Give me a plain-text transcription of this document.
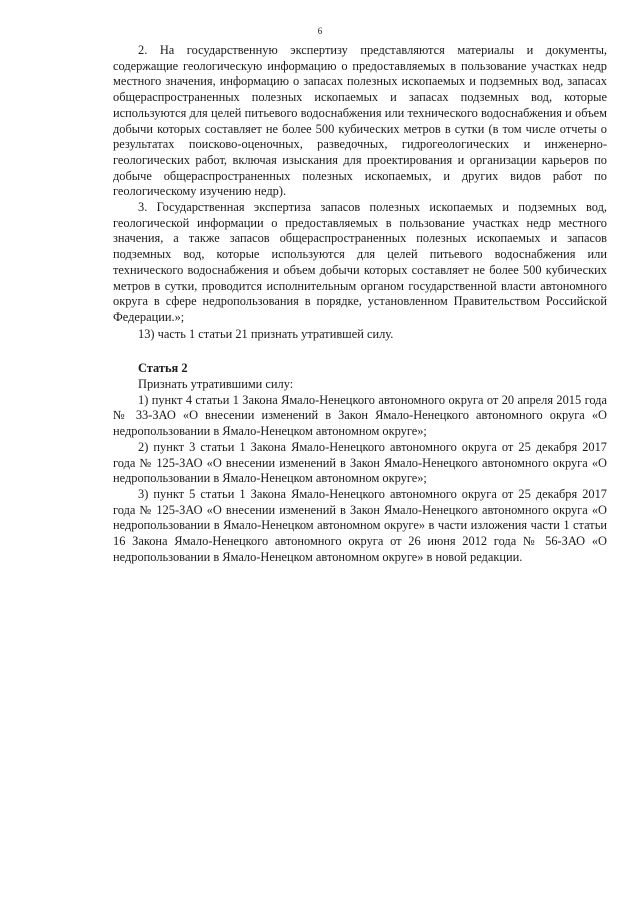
6

2. На государственную экспертизу представляются материалы и документы, содержащие геологическую информацию о предоставляемых в пользование участках недр местного значения, информацию о запасах полезных ископаемых и подземных вод, запасах общераспространенных полезных ископаемых и запасах подземных вод, которые используются для целей питьевого водоснабжения или технического водоснабжения и объем добычи которых составляет не более 500 кубических метров в сутки (в том числе отчеты о результатах поисково-оценочных, разведочных, гидрогеологических и инженерно-геологических работ, включая изыскания для проектирования и организации карьеров по добыче общераспространенных полезных ископаемых, и других видов работ по геологическому изучению недр).

3. Государственная экспертиза запасов полезных ископаемых и подземных вод, геологической информации о предоставляемых в пользование участках недр местного значения, а также запасов общераспространенных полезных ископаемых и запасов подземных вод, которые используются для целей питьевого водоснабжения или технического водоснабжения и объем добычи которых составляет не более 500 кубических метров в сутки, проводится исполнительным органом государственной власти автономного округа в сфере недропользования в порядке, установленном Правительством Российской Федерации.»;

13) часть 1 статьи 21 признать утратившей силу.

Статья 2

Признать утратившими силу:

1) пункт 4 статьи 1 Закона Ямало-Ненецкого автономного округа от 20 апреля 2015 года № 33-ЗАО «О внесении изменений в Закон Ямало-Ненецкого автономного округа «О недропользовании в Ямало-Ненецком автономном округе»;

2) пункт 3 статьи 1 Закона Ямало-Ненецкого автономного округа от 25 декабря 2017 года № 125-ЗАО «О внесении изменений в Закон Ямало-Ненецкого автономного округа «О недропользовании в Ямало-Ненецком автономном округе»;

3) пункт 5 статьи 1 Закона Ямало-Ненецкого автономного округа от 25 декабря 2017 года № 125-ЗАО «О внесении изменений в Закон Ямало-Ненецкого автономного округа «О недропользовании в Ямало-Ненецком автономном округе» в части изложения части 1 статьи 16 Закона Ямало-Ненецкого автономного округа от 26 июня 2012 года № 56-ЗАО «О недропользовании в Ямало-Ненецком автономном округе» в новой редакции.
